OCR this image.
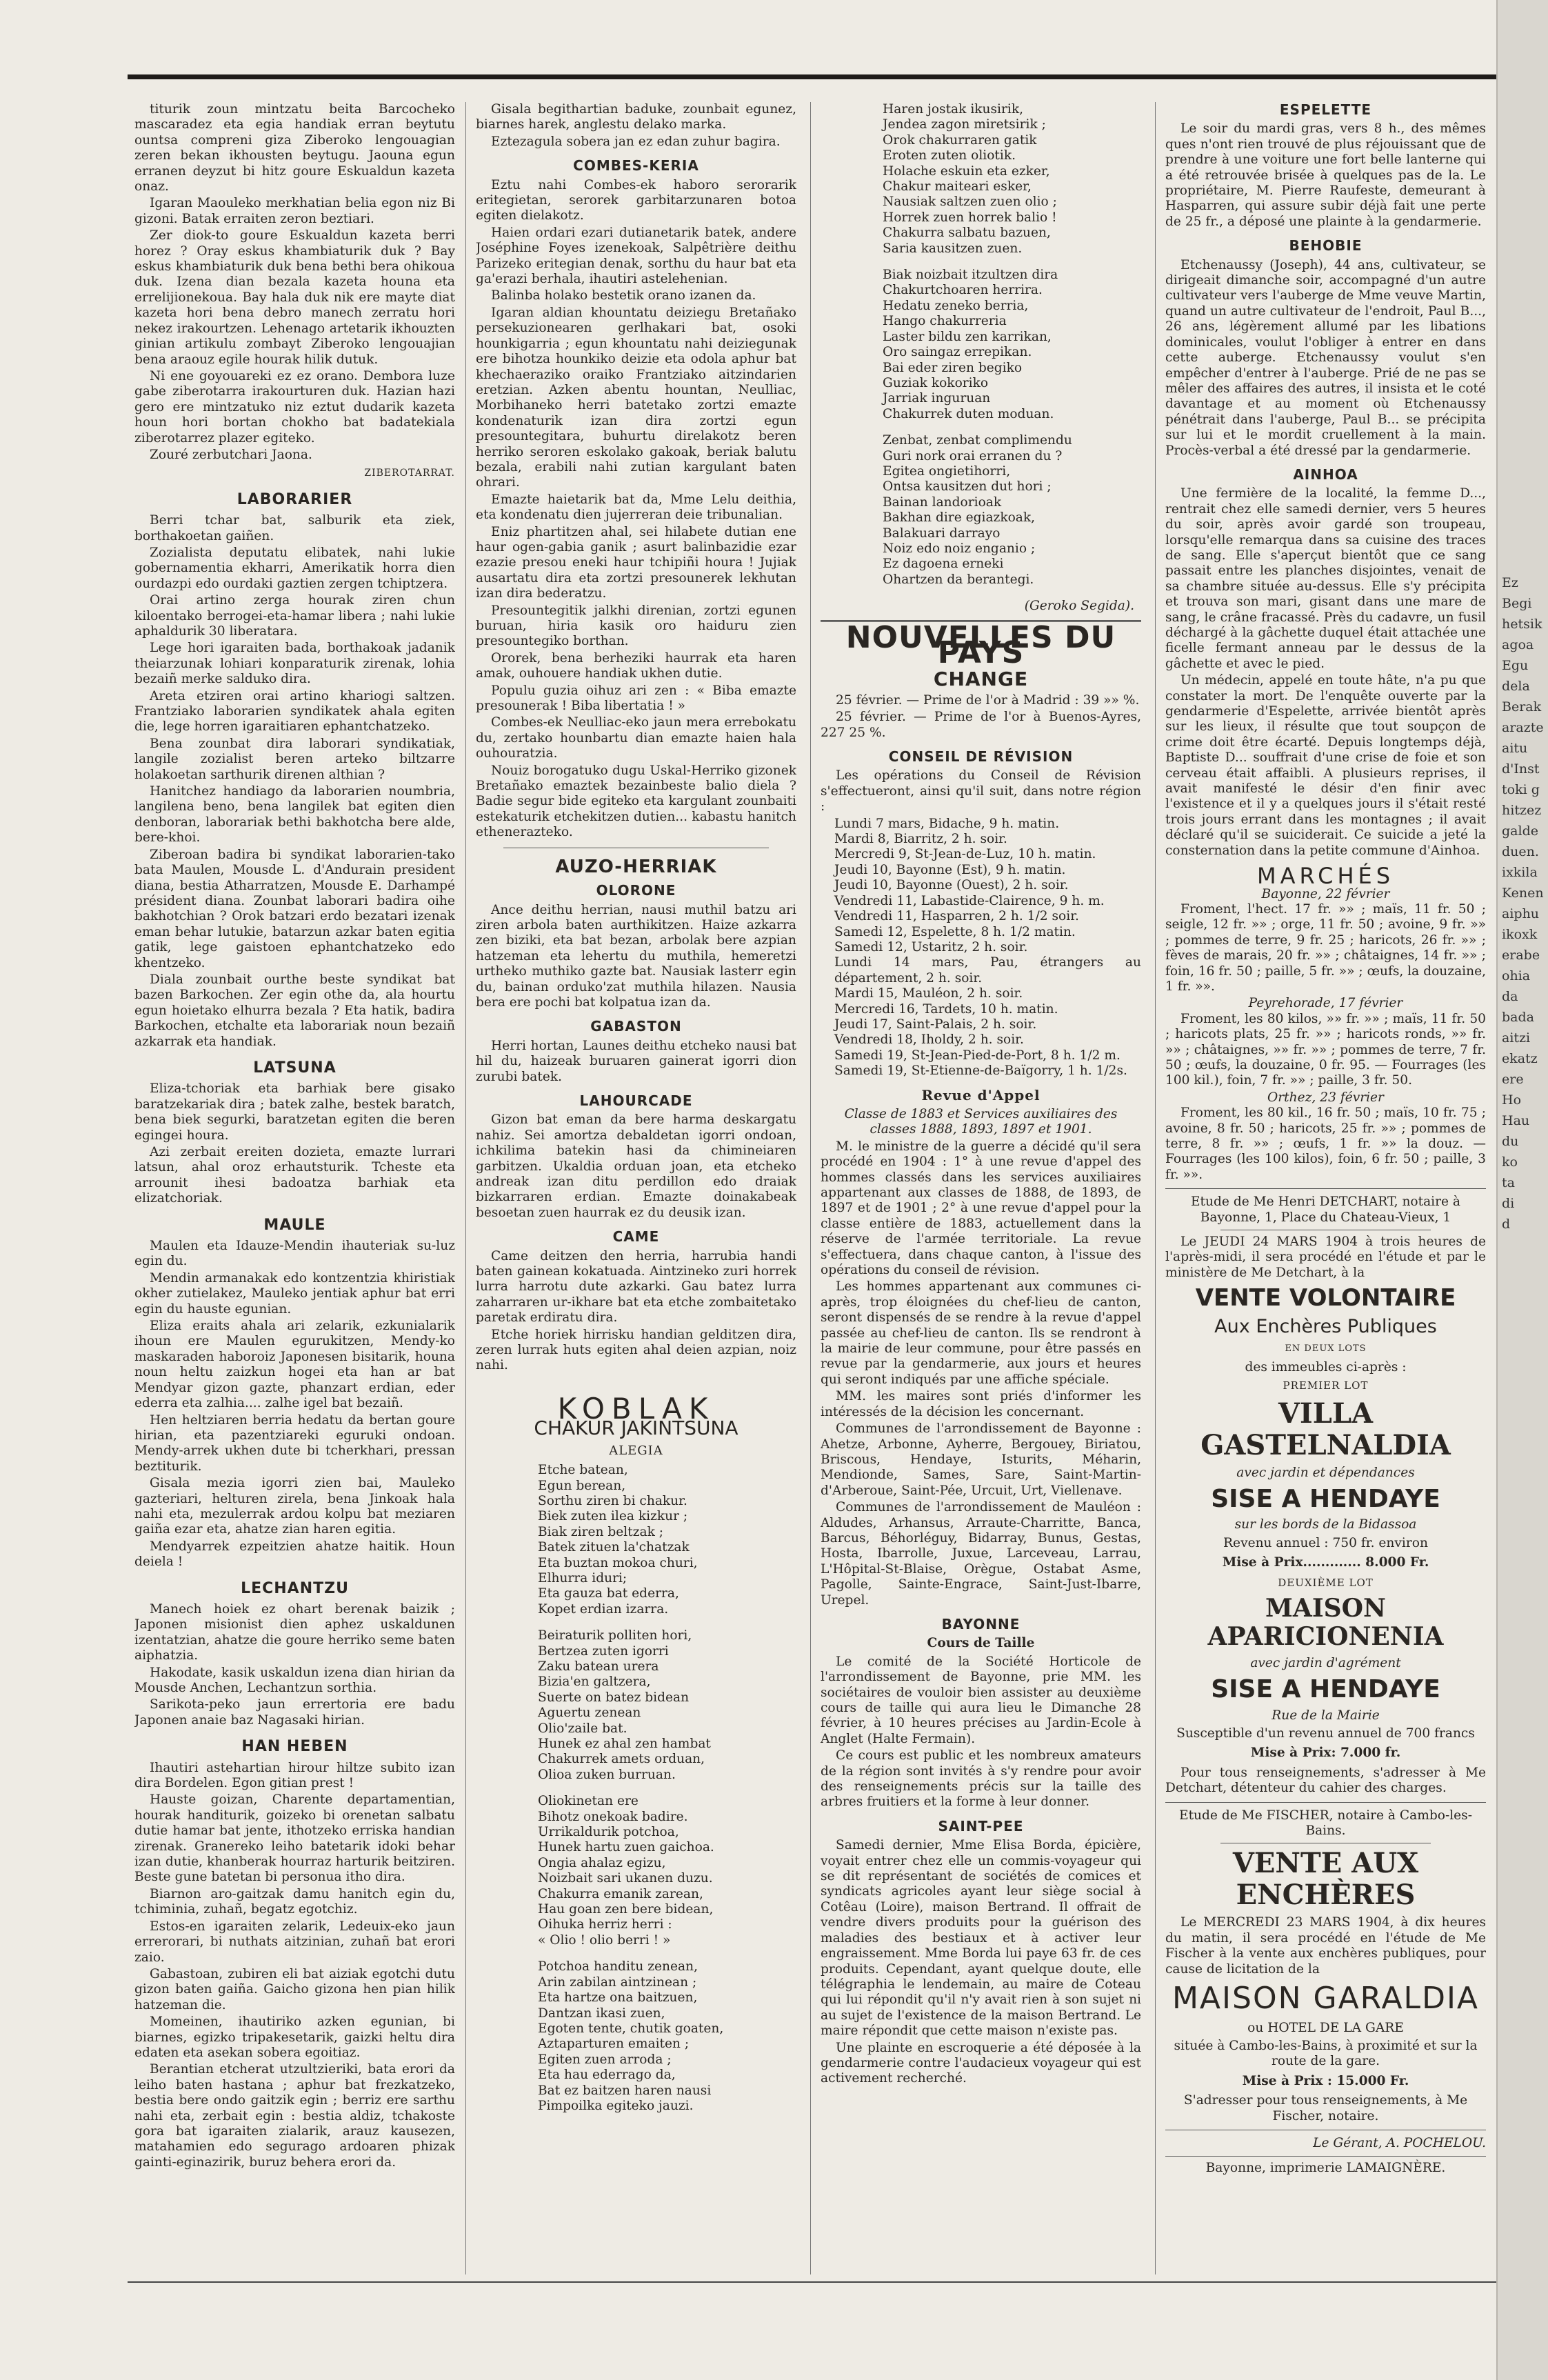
Ez
Begi
hetsik
agoa
Egu
dela
Berak
arazte
aitu
d'Inst
toki g
hitzez
galde
duen.
ixkila
Kenen
aiphu
ikoxk
erabe
ohia
da
bada
aitzi
ekatz
ere
Ho
Hau
du
ko
ta
di
d

titurik zoun mintzatu beita Barcocheko mascaradez eta egia handiak erran beytutu ountsa compreni giza Ziberoko lengouagian zeren bekan ikhousten beytugu. Jaouna egun erranen deyzut bi hitz goure Eskualdun kazeta onaz.

Igaran Maouleko merkhatian belia egon niz Bi gizoni. Batak erraiten zeron beztiari.

Zer diok-to goure Eskualdun kazeta berri horez ? Oray eskus khambiaturik duk ? Bay eskus khambiaturik duk bena bethi bera ohikoua duk. Izena dian bezala kazeta houna eta errelijionekoua. Bay hala duk nik ere mayte diat kazeta hori bena debro manech zerratu hori nekez irakourtzen. Lehenago artetarik ikhouzten ginian artikulu zombayt Ziberoko lengouajian bena araouz egile hourak hilik dutuk.

Ni ene goyouareki ez ez orano. Dembora luze gabe ziberotarra irakourturen duk. Hazian hazi gero ere mintzatuko niz eztut dudarik kazeta houn hori bortan chokho bat badatekiala ziberotarrez plazer egiteko.

Zouré zerbutchari Jaona.

ZIBEROTARRAT.
LABORARIER

Berri tchar bat, salburik eta ziek, borthakoetan gaiñen.

Zozialista deputatu elibatek, nahi lukie gobernamentia ekharri, Amerikatik horra dien ourdazpi edo ourdaki gaztien zergen tchiptzera.

Orai artino zerga hourak ziren chun kiloentako berrogei-eta-hamar libera ; nahi lukie aphaldurik 30 liberatara.

Lege hori igaraiten bada, borthakoak jadanik theiarzunak lohiari konparaturik zirenak, lohia bezaiñ merke salduko dira.

Areta etziren orai artino khariogi saltzen. Frantziako laborarien syndikatek ahala egiten die, lege horren igaraitiaren ephantchatzeko.

Bena zounbat dira laborari syndikatiak, langile zozialist beren arteko biltzarre holakoetan sarthurik direnen althian ?

Hanitchez handiago da laborarien noumbria, langilena beno, bena langilek bat egiten dien denboran, laborariak bethi bakhotcha bere alde, bere-khoi.

Ziberoan badira bi syndikat laborarien-tako bata Maulen, Mousde L. d'Andurain president diana, bestia Atharratzen, Mousde E. Darhampé président diana. Zounbat laborari badira oihe bakhotchian ? Orok batzari erdo bezatari izenak eman behar lutukie, batarzun azkar baten egitia gatik, lege gaistoen ephantchatzeko edo khentzeko.

Diala zounbait ourthe beste syndikat bat bazen Barkochen. Zer egin othe da, ala hourtu egun hoietako elhurra bezala ? Eta hatik, badira Barkochen, etchalte eta laborariak noun bezaiñ azkarrak eta handiak.

LATSUNA

Eliza-tchoriak eta barhiak bere gisako baratzekariak dira ; batek zalhe, bestek baratch, bena biek segurki, baratzetan egiten die beren egingei houra.

Azi zerbait ereiten dozieta, emazte lurrari latsun, ahal oroz erhautsturik. Tcheste eta arrounit ihesi badoatza barhiak eta elizatchoriak.

MAULE

Maulen eta Idauze-Mendin ihauteriak su-luz egin du.

Mendin armanakak edo kontzentzia khiristiak okher zutielakez, Mauleko jentiak aphur bat erri egin du hauste egunian.

Eliza eraits ahala ari zelarik, ezkunialarik ihoun ere Maulen egurukitzen, Mendy-ko maskaraden haboroiz Japonesen bisitarik, houna noun heltu zaizkun hogei eta han ar bat Mendyar gizon gazte, phanzart erdian, eder ederra eta zalhia.... zalhe igel bat bezaiñ.

Hen heltziaren berria hedatu da bertan goure hirian, eta pazentziareki eguruki ondoan. Mendy-arrek ukhen dute bi tcherkhari, pressan beztiturik.

Gisala mezia igorri zien bai, Mauleko gazteriari, helturen zirela, bena Jinkoak hala nahi eta, mezulerrak ardou kolpu bat meziaren gaiña ezar eta, ahatze zian haren egitia.

Mendyarrek ezpeitzien ahatze haitik. Houn deiela !

LECHANTZU

Manech hoiek ez ohart berenak baizik ; Japonen misionist dien aphez uskaldunen izentatzian, ahatze die goure herriko seme baten aiphatzia.

Hakodate, kasik uskaldun izena dian hirian da Mousde Anchen, Lechantzun sorthia.

Sarikota-peko jaun errertoria ere badu Japonen anaie baz Nagasaki hirian.

HAN HEBEN

Ihautiri astehartian hirour hiltze subito izan dira Bordelen. Egon gitian prest !

Hauste goizan, Charente departamentian, hourak handiturik, goizeko bi orenetan salbatu dutie hamar bat jente, ithotzeko erriska handian zirenak. Granereko leiho batetarik idoki behar izan dutie, khanberak hourraz harturik beitziren. Beste gune batetan bi personua itho dira.

Biarnon aro-gaitzak damu hanitch egin du, tchiminia, zuhañ, begatz egotchiz.

Estos-en igaraiten zelarik, Ledeuix-eko jaun errerorari, bi nuthats aitzinian, zuhañ bat erori zaio.

Gabastoan, zubiren eli bat aiziak egotchi dutu gizon baten gaiña. Gaicho gizona hen pian hilik hatzeman die.

Momeinen, ihautiriko azken egunian, bi biarnes, egizko tripakesetarik, gaizki heltu dira edaten eta asekan sobera egoitiaz.

Berantian etcherat utzultzieriki, bata erori da leiho baten hastana ; aphur bat frezkatzeko, bestia bere ondo gaitzik egin ; berriz ere sarthu nahi eta, zerbait egin : bestia aldiz, tchakoste gora bat igaraiten zialarik, arauz kausezen, matahamien edo segurago ardoaren phizak gainti-eginazirik, buruz behera erori da.

Gisala begithartian baduke, zounbait egunez, biarnes harek, anglestu delako marka.

Eztezagula sobera jan ez edan zuhur bagira.

COMBES-KERIA

Eztu nahi Combes-ek haboro serorarik eritegietan, serorek garbitarzunaren botoa egiten dielakotz.

Haien ordari ezari dutianetarik batek, andere Joséphine Foyes izenekoak, Salpêtrière deithu Parizeko eritegian denak, sorthu du haur bat eta ga'erazi berhala, ihautiri astelehenian.

Balinba holako bestetik orano izanen da.

Igaran aldian khountatu deiziegu Bretañako persekuzionearen gerlhakari bat, osoki hounkigarria ; egun khountatu nahi deiziegunak ere bihotza hounkiko deizie eta odola aphur bat khechaeraziko oraiko Frantziako aitzindarien eretzian. Azken abentu hountan, Neulliac, Morbihaneko herri batetako zortzi emazte kondenaturik izan dira zortzi egun presountegitara, buhurtu direlakotz beren herriko seroren eskolako gakoak, beriak balutu bezala, erabili nahi zutian kargulant baten ohrari.

Emazte haietarik bat da, Mme Lelu deithia, eta kondenatu dien jujerreran deie tribunalian.

Eniz phartitzen ahal, sei hilabete dutian ene haur ogen-gabia ganik ; asurt balinbazidie ezar ezazie presou eneki haur tchipiñi houra ! Jujiak ausartatu dira eta zortzi presounerek lekhutan izan dira bederatzu.

Presountegitik jalkhi direnian, zortzi egunen buruan, hiria kasik oro haiduru zien presountegiko borthan.

Ororek, bena berheziki haurrak eta haren amak, ouhouere handiak ukhen dutie.

Populu guzia oihuz ari zen : « Biba emazte presounerak ! Biba libertatia ! »

Combes-ek Neulliac-eko jaun mera errebokatu du, zertako hounbartu dian emazte haien hala ouhouratzia.

Nouiz borogatuko dugu Uskal-Herriko gizonek Bretañako emaztek bezainbeste balio diela ? Badie segur bide egiteko eta kargulant zounbaiti estekaturik etchekitzen dutien... kabastu hanitch ethenerazteko.

AUZO-HERRIAK
OLORONE

Ance deithu herrian, nausi muthil batzu ari ziren arbola baten aurthikitzen. Haize azkarra zen biziki, eta bat bezan, arbolak bere azpian hatzeman eta lehertu du muthila, hemeretzi urtheko muthiko gazte bat. Nausiak lasterr egin du, bainan orduko'zat muthila hilazen. Nausia bera ere pochi bat kolpatua izan da.

GABASTON

Herri hortan, Launes deithu etcheko nausi bat hil du, haizeak buruaren gainerat igorri dion zurubi batek.

LAHOURCADE

Gizon bat eman da bere harma deskargatu nahiz. Sei amortza debaldetan igorri ondoan, ichkilima batekin hasi da chimineiaren garbitzen. Ukaldia orduan joan, eta etcheko andreak izan ditu perdillon edo draiak bizkarraren erdian. Emazte doinakabeak besoetan zuen haurrak ez du deusik izan.

CAME

Came deitzen den herria, harrubia handi baten gainean kokatuada. Aintzineko zuri horrek lurra harrotu dute azkarki. Gau batez lurra zaharraren ur-ikhare bat eta etche zombaitetako paretak erdiratu dira.

Etche horiek hirrisku handian gelditzen dira, zeren lurrak huts egiten ahal deien azpian, noiz nahi.

KOBLAK
CHAKUR JAKINTSUNA
ALEGIA

Etche batean,

Egun berean,

Sorthu ziren bi chakur.

Biek zuten ilea kizkur ;

Biak ziren beltzak ;

Batek zituen la'chatzak

Eta buztan mokoa churi,

Elhurra iduri;

Eta gauza bat ederra,

Kopet erdian izarra.

Beiraturik polliten hori,

Bertzea zuten igorri

Zaku batean urera

Bizia'en galtzera,

Suerte on batez bidean

Aguertu zenean

Olio'zaile bat.

Hunek ez ahal zen hambat

Chakurrek amets orduan,

Olioa zuken burruan.

Oliokinetan ere

Bihotz onekoak badire.

Urrikaldurik potchoa,

Hunek hartu zuen gaichoa.

Ongia ahalaz egizu,

Noizbait sari ukanen duzu.

Chakurra emanik zarean,

Hau goan zen bere bidean,

Oihuka herriz herri :

« Olio ! olio berri ! »

Potchoa handitu zenean,

Arin zabilan aintzinean ;

Eta hartze ona baitzuen,

Dantzan ikasi zuen,

Egoten tente, chutik goaten,

Aztaparturen emaiten ;

Egiten zuen arroda ;

Eta hau ederrago da,

Bat ez baitzen haren nausi

Pimpoilka egiteko jauzi.

Haren jostak ikusirik,

Jendea zagon miretsirik ;

Orok chakurraren gatik

Eroten zuten oliotik.

Holache eskuin eta ezker,

Chakur maiteari esker,

Nausiak saltzen zuen olio ;

Horrek zuen horrek balio !

Chakurra salbatu bazuen,

Saria kausitzen zuen.

Biak noizbait itzultzen dira

Chakurtchoaren herrira.

Hedatu zeneko berria,

Hango chakurreria

Laster bildu zen karrikan,

Oro saingaz errepikan.

Bai eder ziren begiko

Guziak kokoriko

Jarriak inguruan

Chakurrek duten moduan.

Zenbat, zenbat complimendu

Guri nork orai erranen du ?

Egitea ongietihorri,

Ontsa kausitzen dut hori ;

Bainan landorioak

Bakhan dire egiazkoak,

Balakuari darrayo

Noiz edo noiz enganio ;

Ez dagoena erneki

Ohartzen da berantegi.

(Geroko Segida).
NOUVELLES DU PAYS
CHANGE

25 février. — Prime de l'or à Madrid : 39 »» %.

25 février. — Prime de l'or à Buenos-Ayres, 227 25 %.

CONSEIL DE RÉVISION

Les opérations du Conseil de Révision s'effectueront, ainsi qu'il suit, dans notre région :

Lundi 7 mars, Bidache, 9 h. matin.

Mardi 8, Biarritz, 2 h. soir.

Mercredi 9, St-Jean-de-Luz, 10 h. matin.

Jeudi 10, Bayonne (Est), 9 h. matin.

Jeudi 10, Bayonne (Ouest), 2 h. soir.

Vendredi 11, Labastide-Clairence, 9 h. m.

Vendredi 11, Hasparren, 2 h. 1/2 soir.

Samedi 12, Espelette, 8 h. 1/2 matin.

Samedi 12, Ustaritz, 2 h. soir.

Lundi 14 mars, Pau, étrangers au département, 2 h. soir.

Mardi 15, Mauléon, 2 h. soir.

Mercredi 16, Tardets, 10 h. matin.

Jeudi 17, Saint-Palais, 2 h. soir.

Vendredi 18, Iholdy, 2 h. soir.

Samedi 19, St-Jean-Pied-de-Port, 8 h. 1/2 m.

Samedi 19, St-Etienne-de-Baïgorry, 1 h. 1/2s.

Revue d'Appel

Classe de 1883 et Services auxiliaires des classes 1888, 1893, 1897 et 1901.

M. le ministre de la guerre a décidé qu'il sera procédé en 1904 : 1° à une revue d'appel des hommes classés dans les services auxiliaires appartenant aux classes de 1888, de 1893, de 1897 et de 1901 ; 2° à une revue d'appel pour la classe entière de 1883, actuellement dans la réserve de l'armée territoriale. La revue s'effectuera, dans chaque canton, à l'issue des opérations du conseil de révision.

Les hommes appartenant aux communes ci-après, trop éloignées du chef-lieu de canton, seront dispensés de se rendre à la revue d'appel passée au chef-lieu de canton. Ils se rendront à la mairie de leur commune, pour être passés en revue par la gendarmerie, aux jours et heures qui seront indiqués par une affiche spéciale.

MM. les maires sont priés d'informer les intéressés de la décision les concernant.

Communes de l'arrondissement de Bayonne : Ahetze, Arbonne, Ayherre, Bergouey, Biriatou, Briscous, Hendaye, Isturits, Méharin, Mendionde, Sames, Sare, Saint-Martin-d'Arberoue, Saint-Pée, Urcuit, Urt, Viellenave.

Communes de l'arrondissement de Mauléon : Aldudes, Arhansus, Arraute-Charritte, Banca, Barcus, Béhorléguy, Bidarray, Bunus, Gestas, Hosta, Ibarrolle, Juxue, Larceveau, Larrau, L'Hôpital-St-Blaise, Orègue, Ostabat Asme, Pagolle, Sainte-Engrace, Saint-Just-Ibarre, Urepel.

BAYONNE
Cours de Taille

Le comité de la Société Horticole de l'arrondissement de Bayonne, prie MM. les sociétaires de vouloir bien assister au deuxième cours de taille qui aura lieu le Dimanche 28 février, à 10 heures précises au Jardin-Ecole à Anglet (Halte Fermain).

Ce cours est public et les nombreux amateurs de la région sont invités à s'y rendre pour avoir des renseignements précis sur la taille des arbres fruitiers et la forme à leur donner.

SAINT-PEE

Samedi dernier, Mme Elisa Borda, épicière, voyait entrer chez elle un commis-voyageur qui se dit représentant de sociétés de comices et syndicats agricoles ayant leur siège social à Cotêau (Loire), maison Bertrand. Il offrait de vendre divers produits pour la guérison des maladies des bestiaux et à activer leur engraissement. Mme Borda lui paye 63 fr. de ces produits. Cependant, ayant quelque doute, elle télégraphia le lendemain, au maire de Coteau qui lui répondit qu'il n'y avait rien à son sujet ni au sujet de l'existence de la maison Bertrand. Le maire répondit que cette maison n'existe pas.

Une plainte en escroquerie a été déposée à la gendarmerie contre l'audacieux voyageur qui est activement recherché.

ESPELETTE

Le soir du mardi gras, vers 8 h., des mêmes ques n'ont rien trouvé de plus réjouissant que de prendre à une voiture une fort belle lanterne qui a été retrouvée brisée à quelques pas de la. Le propriétaire, M. Pierre Raufeste, demeurant à Hasparren, qui assure subir déjà fait une perte de 25 fr., a déposé une plainte à la gendarmerie.

BEHOBIE

Etchenaussy (Joseph), 44 ans, cultivateur, se dirigeait dimanche soir, accompagné d'un autre cultivateur vers l'auberge de Mme veuve Martin, quand un autre cultivateur de l'endroit, Paul B..., 26 ans, légèrement allumé par les libations dominicales, voulut l'obliger à entrer en dans cette auberge. Etchenaussy voulut s'en empêcher d'entrer à l'auberge. Prié de ne pas se mêler des affaires des autres, il insista et le coté davantage et au moment où Etchenaussy pénétrait dans l'auberge, Paul B... se précipita sur lui et le mordit cruellement à la main. Procès-verbal a été dressé par la gendarmerie.

AINHOA

Une fermière de la localité, la femme D..., rentrait chez elle samedi dernier, vers 5 heures du soir, après avoir gardé son troupeau, lorsqu'elle remarqua dans sa cuisine des traces de sang. Elle s'aperçut bientôt que ce sang passait entre les planches disjointes, venait de sa chambre située au-dessus. Elle s'y précipita et trouva son mari, gisant dans une mare de sang, le crâne fracassé. Près du cadavre, un fusil déchargé à la gâchette duquel était attachée une ficelle fermant anneau par le dessus de la gâchette et avec le pied.

Un médecin, appelé en toute hâte, n'a pu que constater la mort. De l'enquête ouverte par la gendarmerie d'Espelette, arrivée bientôt après sur les lieux, il résulte que tout soupçon de crime doit être écarté. Depuis longtemps déjà, Baptiste D... souffrait d'une crise de foie et son cerveau était affaibli. A plusieurs reprises, il avait manifesté le désir d'en finir avec l'existence et il y a quelques jours il s'était resté trois jours errant dans les montagnes ; il avait déclaré qu'il se suiciderait. Ce suicide a jeté la consternation dans la petite commune d'Ainhoa.

MARCHÉS
Bayonne, 22 février

Froment, l'hect. 17 fr. »» ; maïs, 11 fr. 50 ; seigle, 12 fr. »» ; orge, 11 fr. 50 ; avoine, 9 fr. »» ; pommes de terre, 9 fr. 25 ; haricots, 26 fr. »» ; fèves de marais, 20 fr. »» ; châtaignes, 14 fr. »» ; foin, 16 fr. 50 ; paille, 5 fr. »» ; œufs, la douzaine, 1 fr. »».

Peyrehorade, 17 février

Froment, les 80 kilos, »» fr. »» ; maïs, 11 fr. 50 ; haricots plats, 25 fr. »» ; haricots ronds, »» fr. »» ; châtaignes, »» fr. »» ; pommes de terre, 7 fr. 50 ; œufs, la douzaine, 0 fr. 95. — Fourrages (les 100 kil.), foin, 7 fr. »» ; paille, 3 fr. 50.

Orthez, 23 février

Froment, les 80 kil., 16 fr. 50 ; maïs, 10 fr. 75 ; avoine, 8 fr. 50 ; haricots, 25 fr. »» ; pommes de terre, 8 fr. »» ; œufs, 1 fr. »» la douz. — Fourrages (les 100 kilos), foin, 6 fr. 50 ; paille, 3 fr. »».

Etude de Me Henri DETCHART, notaire à Bayonne, 1, Place du Chateau-Vieux, 1

Le JEUDI 24 MARS 1904 à trois heures de l'après-midi, il sera procédé en l'étude et par le ministère de Me Detchart, à la

VENTE VOLONTAIRE
Aux Enchères Publiques
EN DEUX LOTS
des immeubles ci-après :
PREMIER LOT
VILLA GASTELNALDIA
avec jardin et dépendances
SISE A HENDAYE
sur les bords de la Bidassoa
Revenu annuel : 750 fr. environ
Mise à Prix............. 8.000 Fr.
DEUXIÈME LOT
MAISON APARICIONENIA
avec jardin d'agrément
SISE A HENDAYE
Rue de la Mairie
Susceptible d'un revenu annuel de 700 francs
Mise à Prix: 7.000 fr.

Pour tous renseignements, s'adresser à Me Detchart, détenteur du cahier des charges.

Etude de Me FISCHER, notaire à Cambo-les-Bains.

VENTE AUX ENCHÈRES

Le MERCREDI 23 MARS 1904, à dix heures du matin, il sera procédé en l'étude de Me Fischer à la vente aux enchères publiques, pour cause de licitation de la

MAISON GARALDIA
ou HOTEL DE LA GARE
située à Cambo-les-Bains, à proximité et sur la route de la gare.
Mise à Prix : 15.000 Fr.

S'adresser pour tous renseignements, à Me Fischer, notaire.

Le Gérant, A. POCHELOU.
Bayonne, imprimerie LAMAIGNÈRE.
